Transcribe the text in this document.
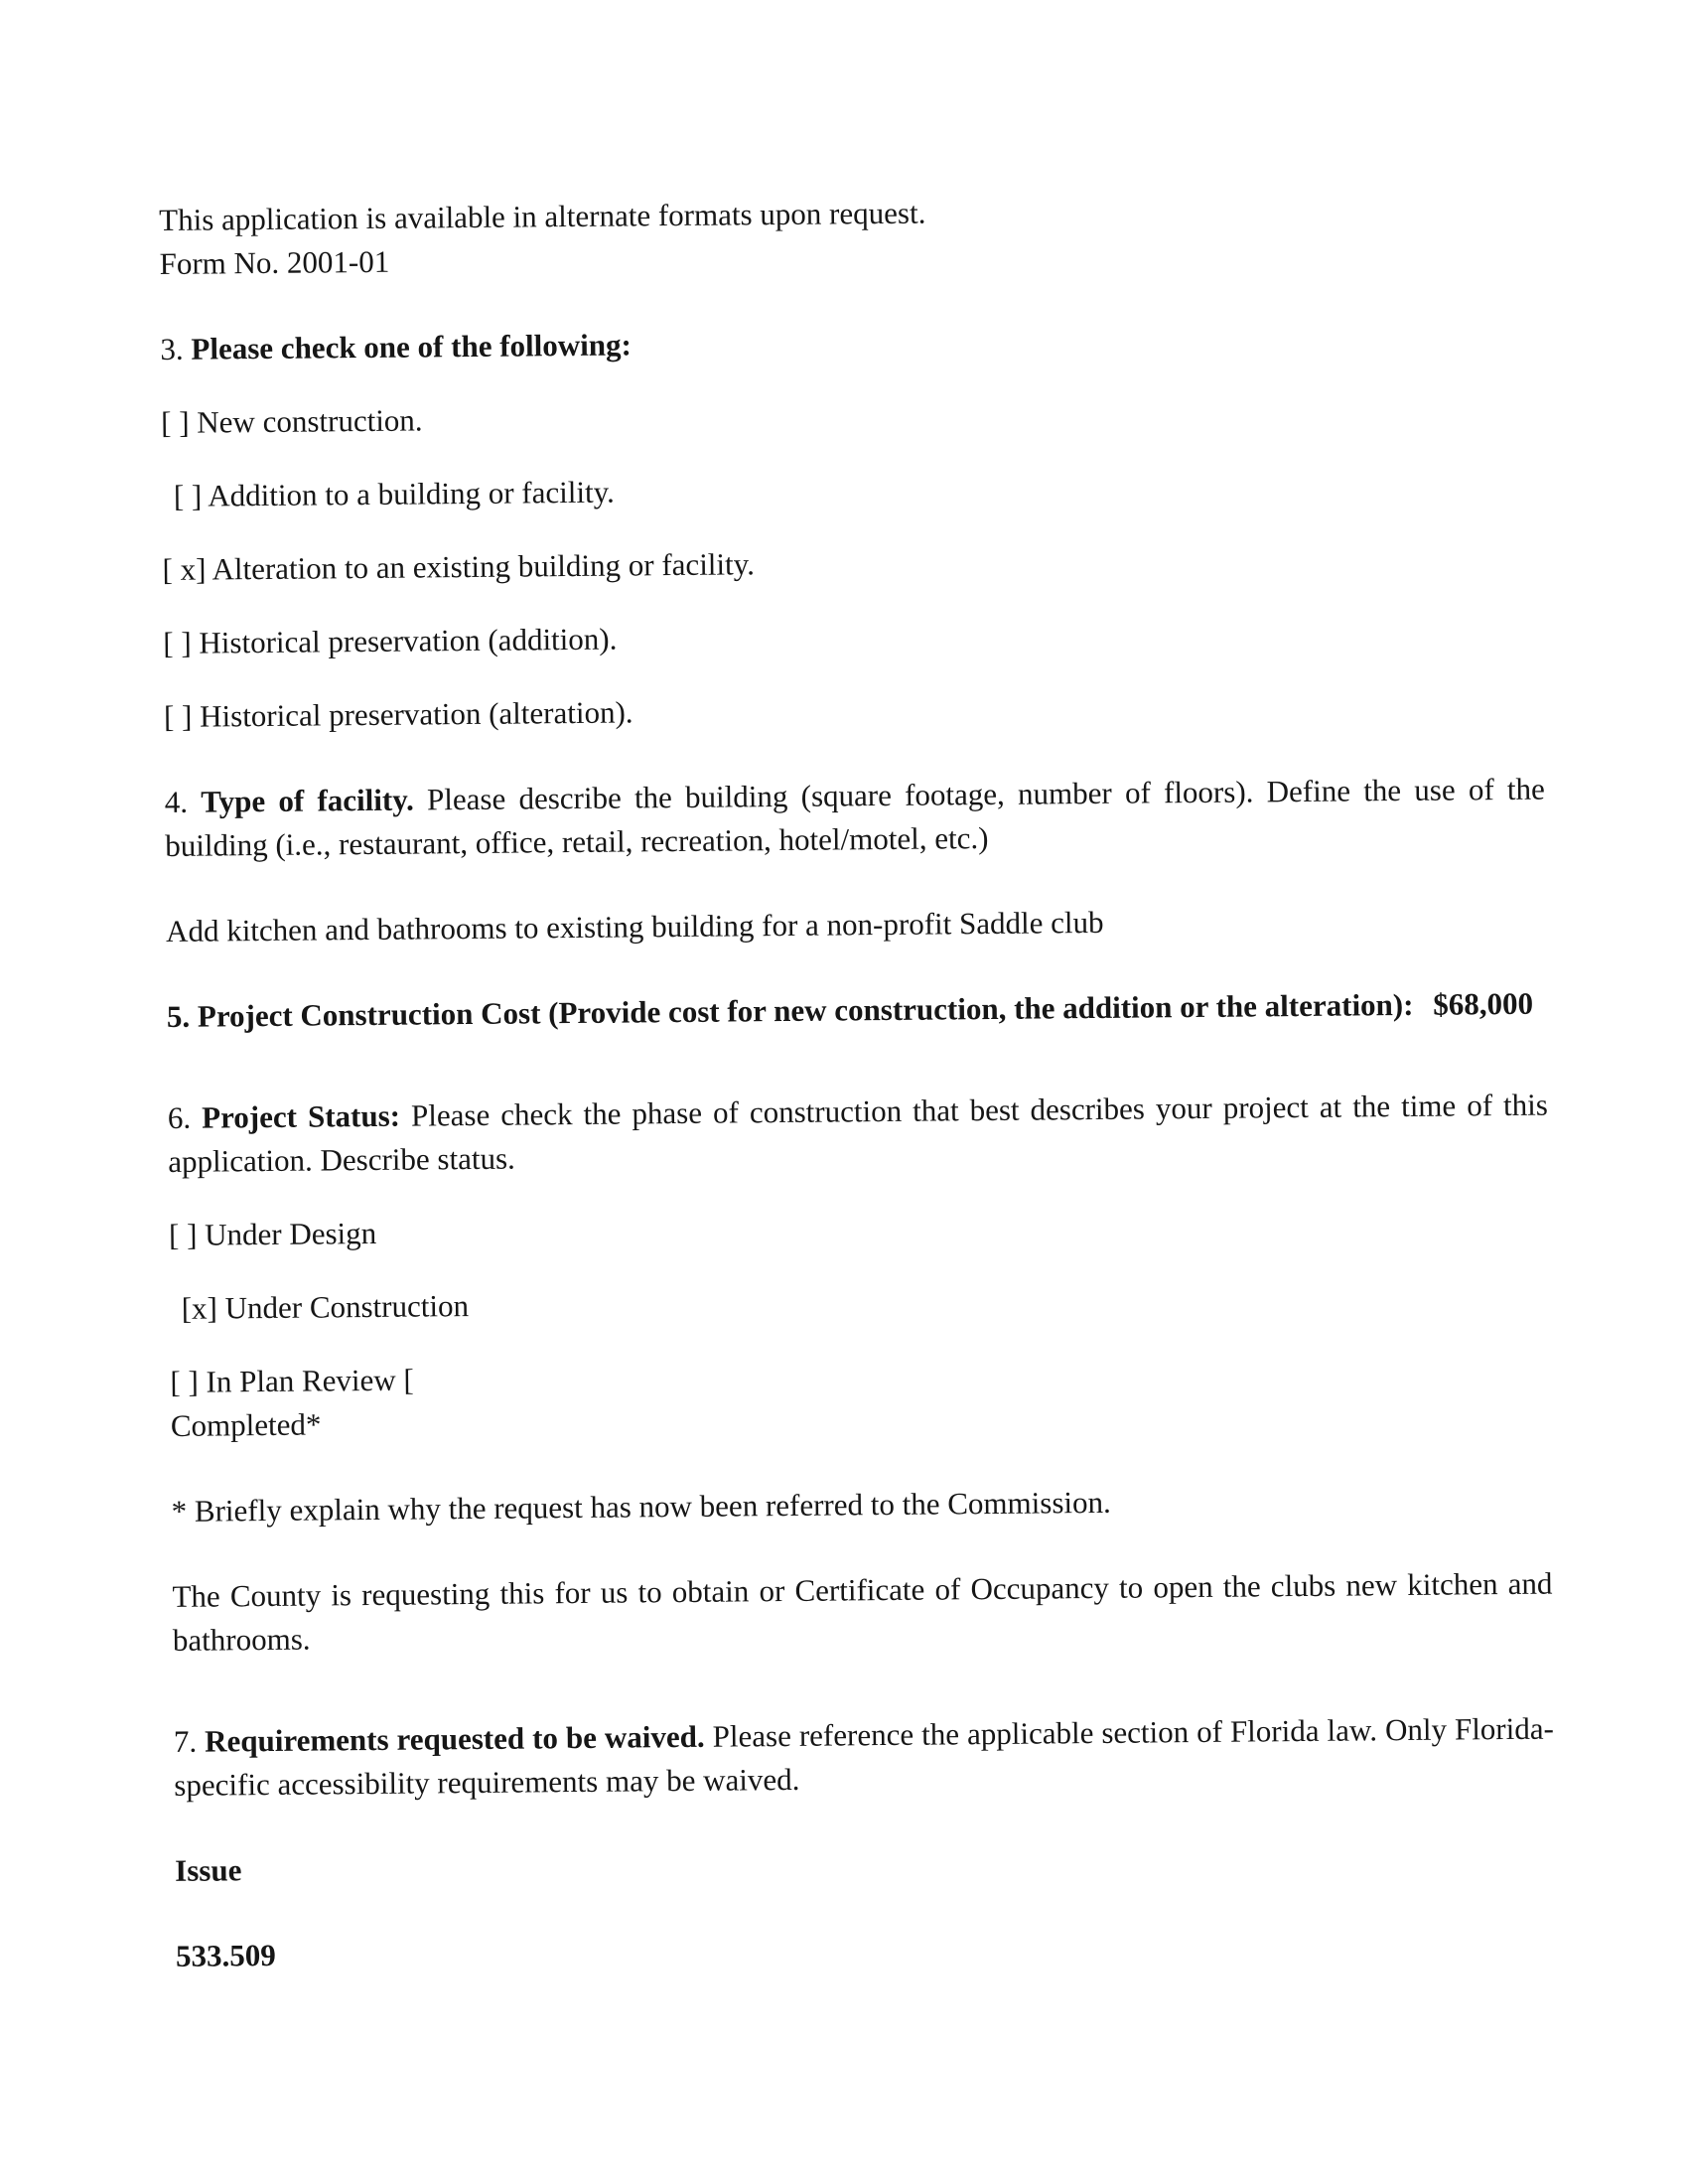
This application is available in alternate formats upon request.

Form No. 2001-01

3. Please check one of the following:

[ ] New construction.

[ ] Addition to a building or facility.

[ x] Alteration to an existing building or facility.

[ ] Historical preservation (addition).

[ ] Historical preservation (alteration).

4. Type of facility. Please describe the building (square footage, number of floors). Define the use of the building (i.e., restaurant, office, retail, recreation, hotel/motel, etc.)

Add kitchen and bathrooms to existing building for a non-profit Saddle club

5. Project Construction Cost (Provide cost for new construction, the addition or the alteration): $68,000

6. Project Status: Please check the phase of construction that best describes your project at the time of this application. Describe status.

[ ] Under Design

[x] Under Construction

[ ] In Plan Review [
Completed*

* Briefly explain why the request has now been referred to the Commission.

The County is requesting this for us to obtain or Certificate of Occupancy to open the clubs new kitchen and bathrooms.

7. Requirements requested to be waived. Please reference the applicable section of Florida law. Only Florida-specific accessibility requirements may be waived.

Issue

533.509
